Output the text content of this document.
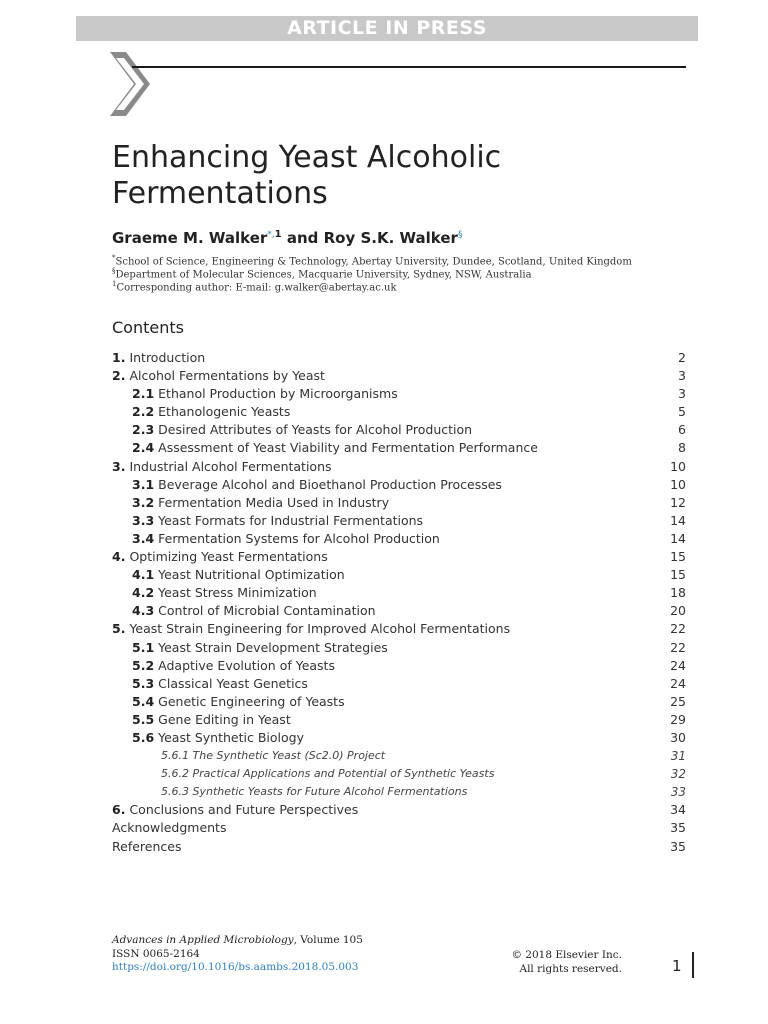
ARTICLE IN PRESS
Enhancing Yeast Alcoholic
Fermentations
Graeme M. Walker$^{*,1}$ and Roy S.K. Walker§
*School of Science, Engineering & Technology, Abertay University, Dundee, Scotland, United Kingdom
§Department of Molecular Sciences, Macquarie University, Sydney, NSW, Australia
$^1$Corresponding author: E-mail: g.walker@abertay.ac.uk
Contents
1. Introduction	2
2. Alcohol Fermentations by Yeast	3
2.1 Ethanol Production by Microorganisms	3
2.2 Ethanologenic Yeasts	5
2.3 Desired Attributes of Yeasts for Alcohol Production	6
2.4 Assessment of Yeast Viability and Fermentation Performance	8
3. Industrial Alcohol Fermentations	10
3.1 Beverage Alcohol and Bioethanol Production Processes	10
3.2 Fermentation Media Used in Industry	12
3.3 Yeast Formats for Industrial Fermentations	14
3.4 Fermentation Systems for Alcohol Production	14
4. Optimizing Yeast Fermentations	15
4.1 Yeast Nutritional Optimization	15
4.2 Yeast Stress Minimization	18
4.3 Control of Microbial Contamination	20
5. Yeast Strain Engineering for Improved Alcohol Fermentations	22
5.1 Yeast Strain Development Strategies	22
5.2 Adaptive Evolution of Yeasts	24
5.3 Classical Yeast Genetics	24
5.4 Genetic Engineering of Yeasts	25
5.5 Gene Editing in Yeast	29
5.6 Yeast Synthetic Biology	30
5.6.1 The Synthetic Yeast (Sc2.0) Project	31
5.6.2 Practical Applications and Potential of Synthetic Yeasts	32
5.6.3 Synthetic Yeasts for Future Alcohol Fermentations	33
6. Conclusions and Future Perspectives	34
Acknowledgments	35
References	35
Advances in Applied Microbiology, Volume 105
ISSN 0065-2164
https://doi.org/10.1016/bs.aambs.2018.05.003
© 2018 Elsevier Inc.
All rights reserved.	1
